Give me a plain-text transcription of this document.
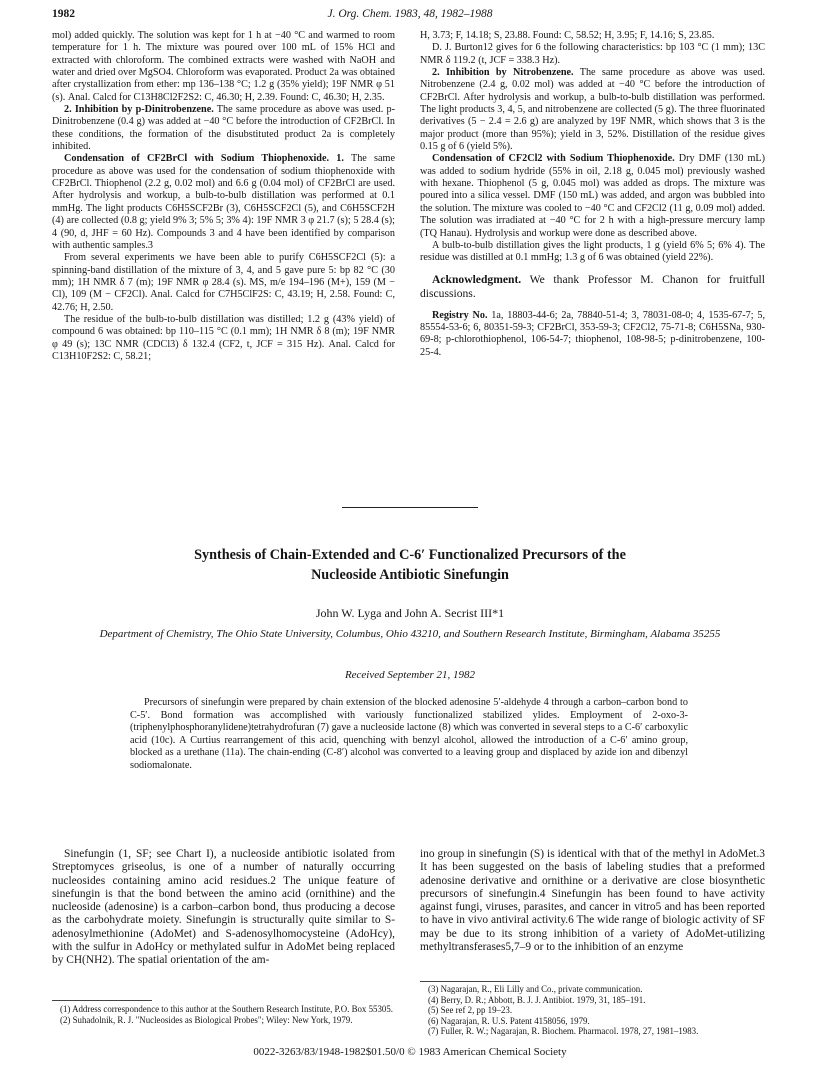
1982	J. Org. Chem. 1983, 48, 1982–1988

mol) added quickly. The solution was kept for 1 h at −40 °C and warmed to room temperature for 1 h. The mixture was poured over 100 mL of 15% HCl and extracted with chloroform. The combined extracts were washed with NaOH and water and dried over MgSO4. Chloroform was evaporated. Product 2a was obtained after crystallization from ether: mp 136–138 °C; 1.2 g (35% yield); 19F NMR φ 51 (s). Anal. Calcd for C13H8Cl2F2S2: C, 46.30; H, 2.39. Found: C, 46.30; H, 2.35.

2. Inhibition by p-Dinitrobenzene. The same procedure as above was used. p-Dinitrobenzene (0.4 g) was added at −40 °C before the introduction of CF2BrCl. In these conditions, the formation of the disubstituted product 2a is completely inhibited.

Condensation of CF2BrCl with Sodium Thiophenoxide. 1. The same procedure as above was used for the condensation of sodium thiophenoxide with CF2BrCl. Thiophenol (2.2 g, 0.02 mol) and 6.6 g (0.04 mol) of CF2BrCl are used. After hydrolysis and workup, a bulb-to-bulb distillation was performed at 0.1 mmHg. The light products C6H5SCF2Br (3), C6H5SCF2Cl (5), and C6H5SCF2H (4) are collected (0.8 g; yield 9% 3; 5% 5; 3% 4): 19F NMR 3 φ 21.7 (s); 5 28.4 (s); 4 (90, d, JHF = 60 Hz). Compounds 3 and 4 have been identified by comparison with authentic samples.3

From several experiments we have been able to purify C6H5SCF2Cl (5): a spinning-band distillation of the mixture of 3, 4, and 5 gave pure 5: bp 82 °C (30 mm); 1H NMR δ 7 (m); 19F NMR φ 28.4 (s). MS, m/e 194–196 (M+), 159 (M − Cl), 109 (M − CF2Cl). Anal. Calcd for C7H5ClF2S: C, 43.19; H, 2.58. Found: C, 42.76; H, 2.50.

The residue of the bulb-to-bulb distillation was distilled; 1.2 g (43% yield) of compound 6 was obtained: bp 110–115 °C (0.1 mm); 1H NMR δ 8 (m); 19F NMR φ 49 (s); 13C NMR (CDCl3) δ 132.4 (CF2, t, JCF = 315 Hz). Anal. Calcd for C13H10F2S2: C, 58.21;

H, 3.73; F, 14.18; S, 23.88. Found: C, 58.52; H, 3.95; F, 14.16; S, 23.85.

D. J. Burton12 gives for 6 the following characteristics: bp 103 °C (1 mm); 13C NMR δ 119.2 (t, JCF = 338.3 Hz).

2. Inhibition by Nitrobenzene. The same procedure as above was used. Nitrobenzene (2.4 g, 0.02 mol) was added at −40 °C before the introduction of CF2BrCl. After hydrolysis and workup, a bulb-to-bulb distillation was performed. The light products 3, 4, 5, and nitrobenzene are collected (5 g). The three fluorinated derivatives (5 − 2.4 = 2.6 g) are analyzed by 19F NMR, which shows that 3 is the major product (more than 95%); yield in 3, 52%. Distillation of the residue gives 0.15 g of 6 (yield 5%).

Condensation of CF2Cl2 with Sodium Thiophenoxide. Dry DMF (130 mL) was added to sodium hydride (55% in oil, 2.18 g, 0.045 mol) previously washed with hexane. Thiophenol (5 g, 0.045 mol) was added as drops. The mixture was poured into a silica vessel. DMF (150 mL) was added, and argon was bubbled into the solution. The mixture was cooled to −40 °C and CF2Cl2 (11 g, 0.09 mol) added. The solution was irradiated at −40 °C for 2 h with a high-pressure mercury lamp (TQ Hanau). Hydrolysis and workup were done as described above.

A bulb-to-bulb distillation gives the light products, 1 g (yield 6% 5; 6% 4). The residue was distilled at 0.1 mmHg; 1.3 g of 6 was obtained (yield 22%).

Acknowledgment. We thank Professor M. Chanon for fruitfull discussions.

Registry No. 1a, 18803-44-6; 2a, 78840-51-4; 3, 78031-08-0; 4, 1535-67-7; 5, 85554-53-6; 6, 80351-59-3; CF2BrCl, 353-59-3; CF2Cl2, 75-71-8; C6H5SNa, 930-69-8; p-chlorothiophenol, 106-54-7; thiophenol, 108-98-5; p-dinitrobenzene, 100-25-4.

Synthesis of Chain-Extended and C-6′ Functionalized Precursors of the
Nucleoside Antibiotic Sinefungin
John W. Lyga and John A. Secrist III*1
Department of Chemistry, The Ohio State University, Columbus, Ohio 43210, and Southern Research Institute, Birmingham, Alabama 35255
Received September 21, 1982

Precursors of sinefungin were prepared by chain extension of the blocked adenosine 5′-aldehyde 4 through a carbon–carbon bond to C-5′. Bond formation was accomplished with variously functionalized stabilized ylides. Employment of 2-oxo-3-(triphenylphosphoranylidene)tetrahydrofuran (7) gave a nucleoside lactone (8) which was converted in several steps to a C-6′ carboxylic acid (10c). A Curtius rearrangement of this acid, quenching with benzyl alcohol, allowed the introduction of a C-6′ amino group, blocked as a urethane (11a). The chain-ending (C-8′) alcohol was converted to a leaving group and displaced by azide ion and dibenzyl sodiomalonate.

Sinefungin (1, SF; see Chart I), a nucleoside antibiotic isolated from Streptomyces griseolus, is one of a number of naturally occurring nucleosides containing amino acid residues.2 The unique feature of sinefungin is that the bond between the amino acid (ornithine) and the nucleoside (adenosine) is a carbon–carbon bond, thus producing a decose as the carbohydrate moiety. Sinefungin is structurally quite similar to S-adenosylmethionine (AdoMet) and S-adenosylhomocysteine (AdoHcy), with the sulfur in AdoHcy or methylated sulfur in AdoMet being replaced by CH(NH2). The spatial orientation of the am-

ino group in sinefungin (S) is identical with that of the methyl in AdoMet.3 It has been suggested on the basis of labeling studies that a preformed adenosine derivative and ornithine or a derivative are close biosynthetic precursors of sinefungin.4 Sinefungin has been found to have activity against fungi, viruses, parasites, and cancer in vitro5 and has been reported to have in vivo antiviral activity.6 The wide range of biologic activity of SF may be due to its strong inhibition of a variety of AdoMet-utilizing methyltransferases5,7–9 or to the inhibition of an enzyme

(1) Address correspondence to this author at the Southern Research Institute, P.O. Box 55305.

(2) Suhadolnik, R. J. "Nucleosides as Biological Probes"; Wiley: New York, 1979.

(3) Nagarajan, R., Eli Lilly and Co., private communication.

(4) Berry, D. R.; Abbott, B. J. J. Antibiot. 1979, 31, 185–191.

(5) See ref 2, pp 19–23.

(6) Nagarajan, R. U.S. Patent 4158056, 1979.

(7) Fuller, R. W.; Nagarajan, R. Biochem. Pharmacol. 1978, 27, 1981–1983.

0022-3263/83/1948-1982$01.50/0 © 1983 American Chemical Society
